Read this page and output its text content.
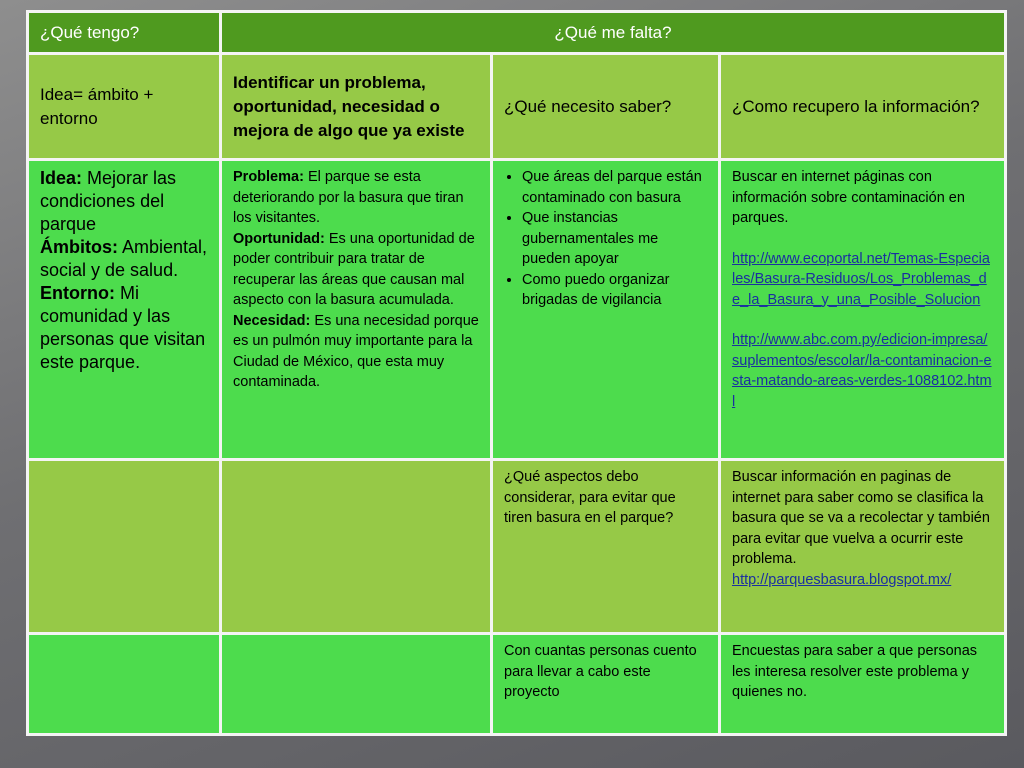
¿Qué tengo?	¿Qué me falta?
Idea= ámbito + entorno
Identificar un problema, oportunidad, necesidad o mejora de algo que ya existe
¿Qué necesito saber?	¿Como recupero la información?
Idea: Mejorar las condiciones del parque
Ámbitos: Ambiental, social y de salud.
Entorno: Mi comunidad y las personas que visitan este parque.
Problema: El parque se esta deteriorando por la basura que tiran los visitantes.
Oportunidad: Es una oportunidad de poder contribuir para tratar de recuperar las áreas que causan mal aspecto con la basura acumulada.
Necesidad: Es una necesidad porque es un pulmón muy importante para la Ciudad de México, que esta muy contaminada.
• Que áreas del parque están contaminado con basura
• Que instancias gubernamentales me pueden apoyar
• Como puedo organizar brigadas de vigilancia
Buscar en internet páginas con información sobre contaminación en parques.
http://www.ecoportal.net/Temas-Especiales/Basura-Residuos/Los_Problemas_de_la_Basura_y_una_Posible_Solucion
http://www.abc.com.py/edicion-impresa/suplementos/escolar/la-contaminacion-esta-matando-areas-verdes-1088102.html
¿Qué aspectos debo considerar, para evitar que tiren basura en el parque?
Buscar información en paginas de internet para saber como se clasifica la basura que se va a recolectar y también para evitar que vuelva a ocurrir este problema.
http://parquesbasura.blogspot.mx/
Con cuantas personas cuento para llevar a cabo este proyecto
Encuestas para saber a que personas les interesa resolver este problema y quienes no.
